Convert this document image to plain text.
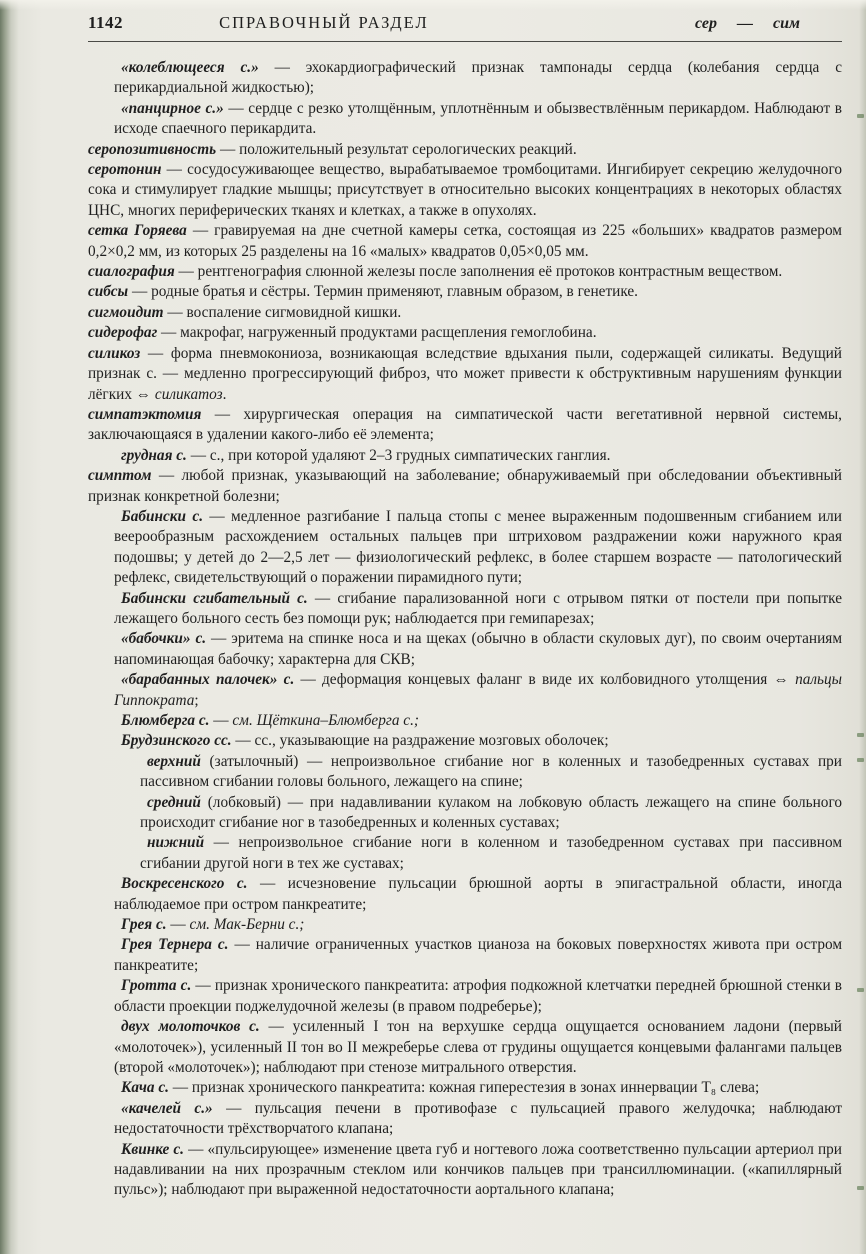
1142	СПРАВОЧНЫЙ РАЗДЕЛ	сер — сим

«колеблющееся с.» — эхокардиографический признак тампонады сердца (колебания сердца с перикардиальной жидкостью);

«панцирное с.» — сердце с резко утолщённым, уплотнённым и обызвествлённым перикардом. Наблюдают в исходе спаечного перикардита.

серопозитивность — положительный результат серологических реакций.

серотонин — сосудосуживающее вещество, вырабатываемое тромбоцитами. Ингибирует секрецию желудочного сока и стимулирует гладкие мышцы; присутствует в относительно высоких концентрациях в некоторых областях ЦНС, многих периферических тканях и клетках, а также в опухолях.

сетка Горяева — гравируемая на дне счетной камеры сетка, состоящая из 225 «больших» квадратов размером 0,2×0,2 мм, из которых 25 разделены на 16 «малых» квадратов 0,05×0,05 мм.

сиалография — рентгенография слюнной железы после заполнения её протоков контрастным веществом.

сибсы — родные братья и сёстры. Термин применяют, главным образом, в генетике.

сигмоидит — воспаление сигмовидной кишки.

сидерофаг — макрофаг, нагруженный продуктами расщепления гемоглобина.

силикоз — форма пневмокониоза, возникающая вследствие вдыхания пыли, содержащей силикаты. Ведущий признак с. — медленно прогрессирующий фиброз, что может привести к обструктивным нарушениям функции лёгких ⇔ силикатоз.

симпатэктомия — хирургическая операция на симпатической части вегетативной нервной системы, заключающаяся в удалении какого-либо её элемента;

грудная с. — с., при которой удаляют 2–3 грудных симпатических ганглия.

симптом — любой признак, указывающий на заболевание; обнаруживаемый при обследовании объективный признак конкретной болезни;

Бабински с. — медленное разгибание I пальца стопы с менее выраженным подошвенным сгибанием или веерообразным расхождением остальных пальцев при штриховом раздражении кожи наружного края подошвы; у детей до 2—2,5 лет — физиологический рефлекс, в более старшем возрасте — патологический рефлекс, свидетельствующий о поражении пирамидного пути;

Бабински сгибательный с. — сгибание парализованной ноги с отрывом пятки от постели при попытке лежащего больного сесть без помощи рук; наблюдается при гемипарезах;

«бабочки» с. — эритема на спинке носа и на щеках (обычно в области скуловых дуг), по своим очертаниям напоминающая бабочку; характерна для СКВ;

«барабанных палочек» с. — деформация концевых фаланг в виде их колбовидного утолщения ⇔ пальцы Гиппократа;

Блюмберга с. — см. Щёткина–Блюмберга с.;

Брудзинского сс. — сс., указывающие на раздражение мозговых оболочек;

верхний (затылочный) — непроизвольное сгибание ног в коленных и тазобедренных суставах при пассивном сгибании головы больного, лежащего на спине;

средний (лобковый) — при надавливании кулаком на лобковую область лежащего на спине больного происходит сгибание ног в тазобедренных и коленных суставах;

нижний — непроизвольное сгибание ноги в коленном и тазобедренном суставах при пассивном сгибании другой ноги в тех же суставах;

Воскресенского с. — исчезновение пульсации брюшной аорты в эпигастральной области, иногда наблюдаемое при остром панкреатите;

Грея с. — см. Мак-Берни с.;

Грея Тернера с. — наличие ограниченных участков цианоза на боковых поверхностях живота при остром панкреатите;

Гротта с. — признак хронического панкреатита: атрофия подкожной клетчатки передней брюшной стенки в области проекции поджелудочной железы (в правом подреберье);

двух молоточков с. — усиленный I тон на верхушке сердца ощущается основанием ладони (первый «молоточек»), усиленный II тон во II межреберье слева от грудины ощущается концевыми фалангами пальцев (второй «молоточек»); наблюдают при стенозе митрального отверстия.

Кача с. — признак хронического панкреатита: кожная гиперестезия в зонах иннервации Т₈ слева;

«качелей с.» — пульсация печени в противофазе с пульсацией правого желудочка; наблюдают недостаточности трёхстворчатого клапана;

Квинке с. — «пульсирующее» изменение цвета губ и ногтевого ложа соответственно пульсации артериол при надавливании на них прозрачным стеклом или кончиков пальцев при трансиллюминации. («капиллярный пульс»); наблюдают при выраженной недостаточности аортального клапана;
